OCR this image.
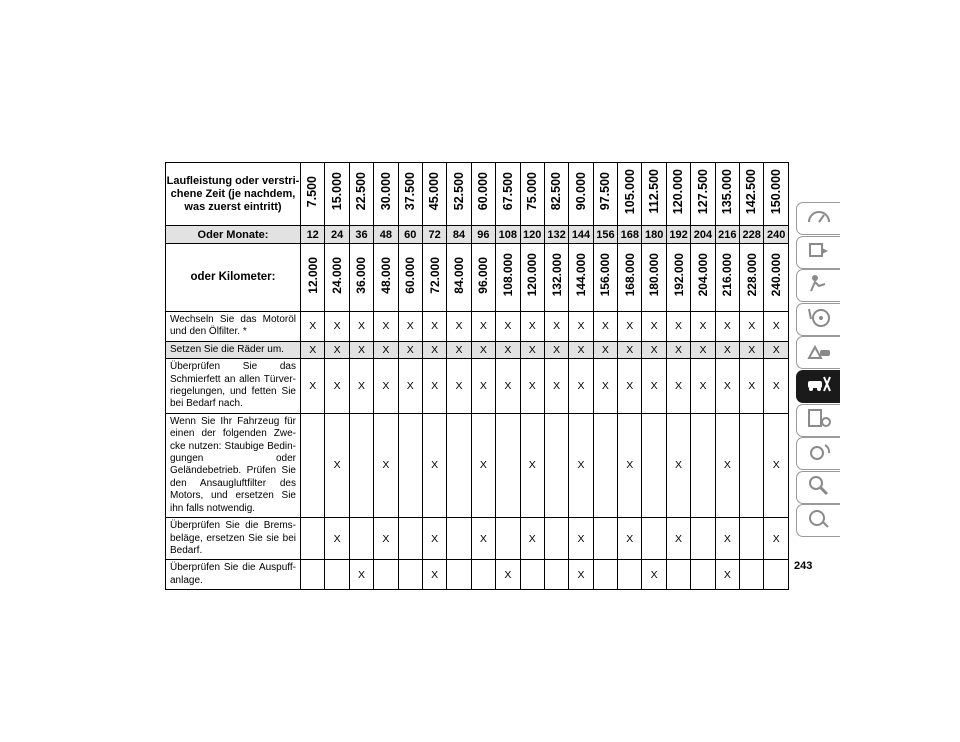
Laufleistung oder verstri-chene Zeit (je nachdem, was zuerst eintritt)	7.500	15.000	22.500	30.000	37.500	45.000	52.500	60.000	67.500	75.000	82.500	90.000	97.500	105.000	112.500	120.000	127.500	135.000	142.500	150.000
Oder Monate:	12	24	36	48	60	72	84	96	108	120	132	144	156	168	180	192	204	216	228	240
oder Kilometer:	12.000	24.000	36.000	48.000	60.000	72.000	84.000	96.000	108.000	120.000	132.000	144.000	156.000	168.000	180.000	192.000	204.000	216.000	228.000	240.000
Wechseln Sie das Motoröl und den Ölfilter. *	X	X	X	X	X	X	X	X	X	X	X	X	X	X	X	X	X	X	X	X
Setzen Sie die Räder um.	X	X	X	X	X	X	X	X	X	X	X	X	X	X	X	X	X	X	X	X
Überprüfen Sie das Schmierfett an allen Türver-riegelungen, und fetten Sie bei Bedarf nach.	X	X	X	X	X	X	X	X	X	X	X	X	X	X	X	X	X	X	X	X
Wenn Sie Ihr Fahrzeug für einen der folgenden Zwe-cke nutzen: Staubige Bedin-gungen oder Geländebetrieb. Prüfen Sie den Ansaugluftfilter des Motors, und ersetzen Sie ihn falls notwendig.		X		X		X		X		X		X		X		X		X		X
Überprüfen Sie die Brems-beläge, ersetzen Sie sie bei Bedarf.		X		X		X		X		X		X		X		X		X		X
Überprüfen Sie die Auspuff-anlage.			X			X			X			X			X			X		
243
